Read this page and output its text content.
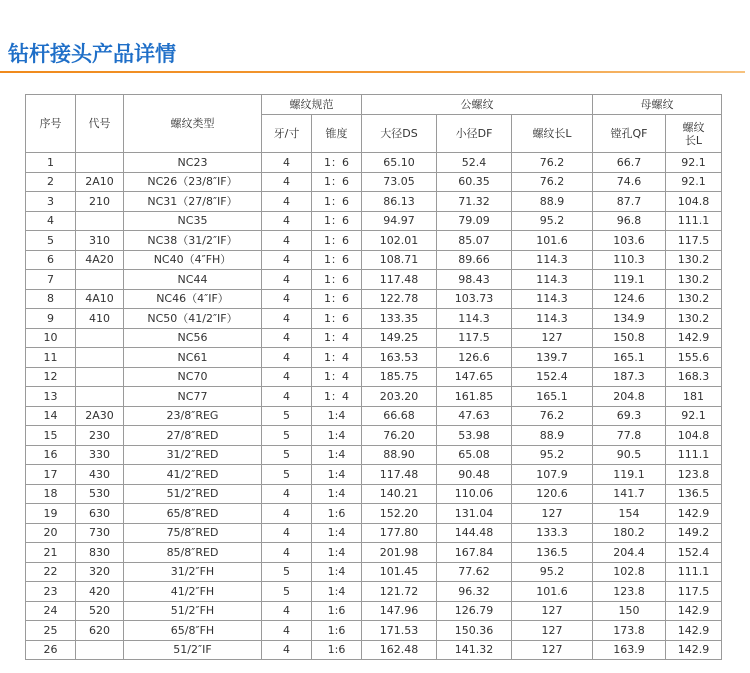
钻杆接头产品详情
序号	代号	螺纹类型	螺纹规范		公螺纹			母螺纹	
			牙/寸	锥度	大径DS	小径DF	螺纹长L	镗孔QF	螺纹长L
1		NC23	4	1：6	65.10	52.4	76.2	66.7	92.1
2	2A10	NC26（23/8″IF）	4	1：6	73.05	60.35	76.2	74.6	92.1
3	210	NC31（27/8″IF）	4	1：6	86.13	71.32	88.9	87.7	104.8
4		NC35	4	1：6	94.97	79.09	95.2	96.8	111.1
5	310	NC38（31/2″IF）	4	1：6	102.01	85.07	101.6	103.6	117.5
6	4A20	NC40（4″FH）	4	1：6	108.71	89.66	114.3	110.3	130.2
7		NC44	4	1：6	117.48	98.43	114.3	119.1	130.2
8	4A10	NC46（4″IF）	4	1：6	122.78	103.73	114.3	124.6	130.2
9	410	NC50（41/2″IF）	4	1：6	133.35	114.3	114.3	134.9	130.2
10		NC56	4	1：4	149.25	117.5	127	150.8	142.9
11		NC61	4	1：4	163.53	126.6	139.7	165.1	155.6
12		NC70	4	1：4	185.75	147.65	152.4	187.3	168.3
13		NC77	4	1：4	203.20	161.85	165.1	204.8	181
14	2A30	23/8″REG	5	1:4	66.68	47.63	76.2	69.3	92.1
15	230	27/8″RED	5	1:4	76.20	53.98	88.9	77.8	104.8
16	330	31/2″RED	5	1:4	88.90	65.08	95.2	90.5	111.1
17	430	41/2″RED	5	1:4	117.48	90.48	107.9	119.1	123.8
18	530	51/2″RED	4	1:4	140.21	110.06	120.6	141.7	136.5
19	630	65/8″RED	4	1:6	152.20	131.04	127	154	142.9
20	730	75/8″RED	4	1:4	177.80	144.48	133.3	180.2	149.2
21	830	85/8″RED	4	1:4	201.98	167.84	136.5	204.4	152.4
22	320	31/2″FH	5	1:4	101.45	77.62	95.2	102.8	111.1
23	420	41/2″FH	5	1:4	121.72	96.32	101.6	123.8	117.5
24	520	51/2″FH	4	1:6	147.96	126.79	127	150	142.9
25	620	65/8″FH	4	1:6	171.53	150.36	127	173.8	142.9
26		51/2″IF	4	1:6	162.48	141.32	127	163.9	142.9
